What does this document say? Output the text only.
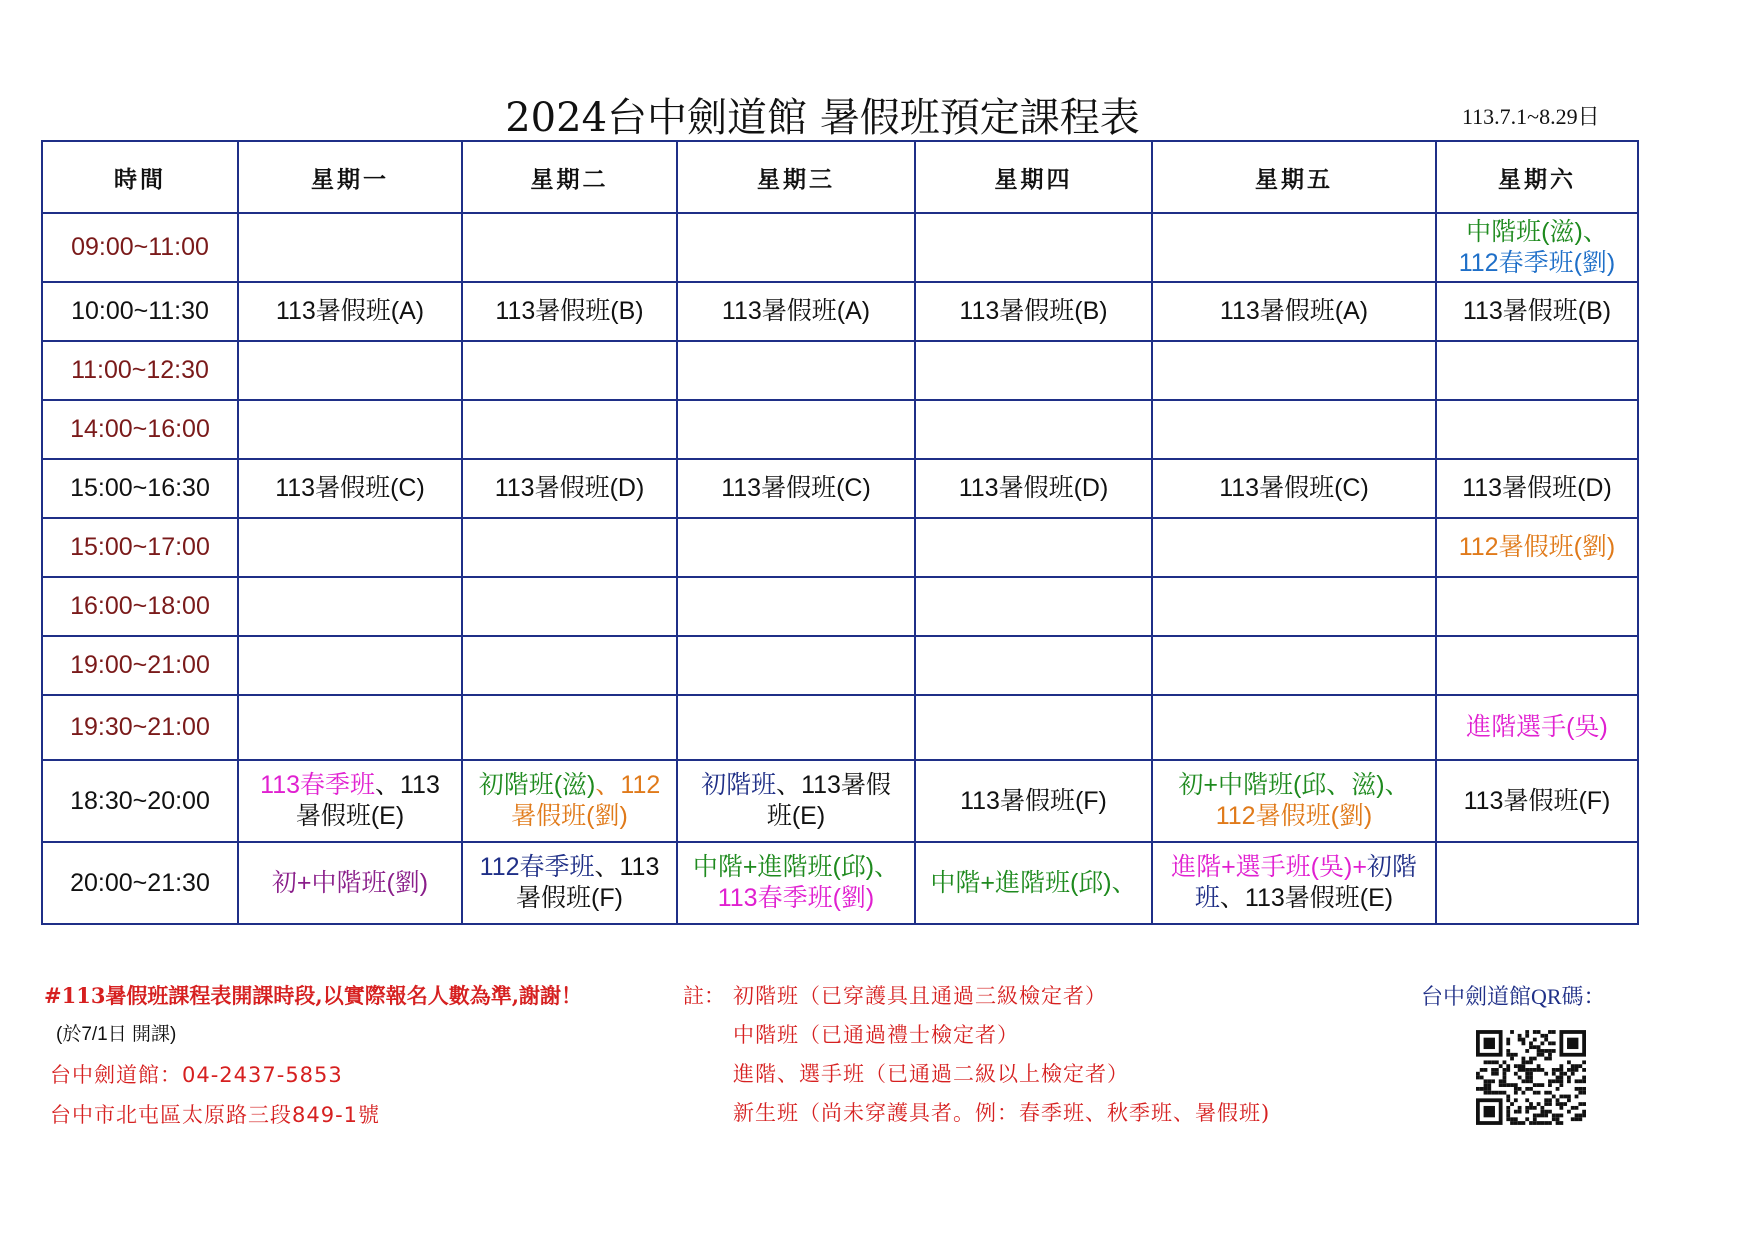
2024台中劍道館 暑假班預定課程表	113.7.1~8.29日
時間	星期一	星期二	星期三	星期四	星期五	星期六
09:00~11:00						中階班(滋)、
112春季班(劉)
10:00~11:30	113暑假班(A)	113暑假班(B)	113暑假班(A)	113暑假班(B)	113暑假班(A)	113暑假班(B)
11:00~12:30						
14:00~16:00						
15:00~16:30	113暑假班(C)	113暑假班(D)	113暑假班(C)	113暑假班(D)	113暑假班(C)	113暑假班(D)
15:00~17:00						112暑假班(劉)
16:00~18:00						
19:00~21:00						
19:30~21:00						進階選手(吳)
18:30~20:00	113春季班、113
暑假班(E)	初階班(滋)、112
暑假班(劉)	初階班、113暑假
班(E)	113暑假班(F)	初+中階班(邱、滋)、
112暑假班(劉)	113暑假班(F)
20:00~21:30	初+中階班(劉)	112春季班、113
暑假班(F)	中階+進階班(邱)、
113春季班(劉)	中階+進階班(邱)、	進階+選手班(吳)+初階
班、113暑假班(E)	
#113暑假班課程表開課時段,以實際報名人數為準,謝謝！	註： 初階班（已穿護具且通過三級檢定者）
中階班（已通過禮士檢定者）
進階、選手班（已通過二級以上檢定者）
新生班（尚未穿護具者。例：春季班、秋季班、暑假班)
(於7/1日 開課)
台中劍道館：04-2437-5853
台中市北屯區太原路三段849-1號
台中劍道館QR碼：
